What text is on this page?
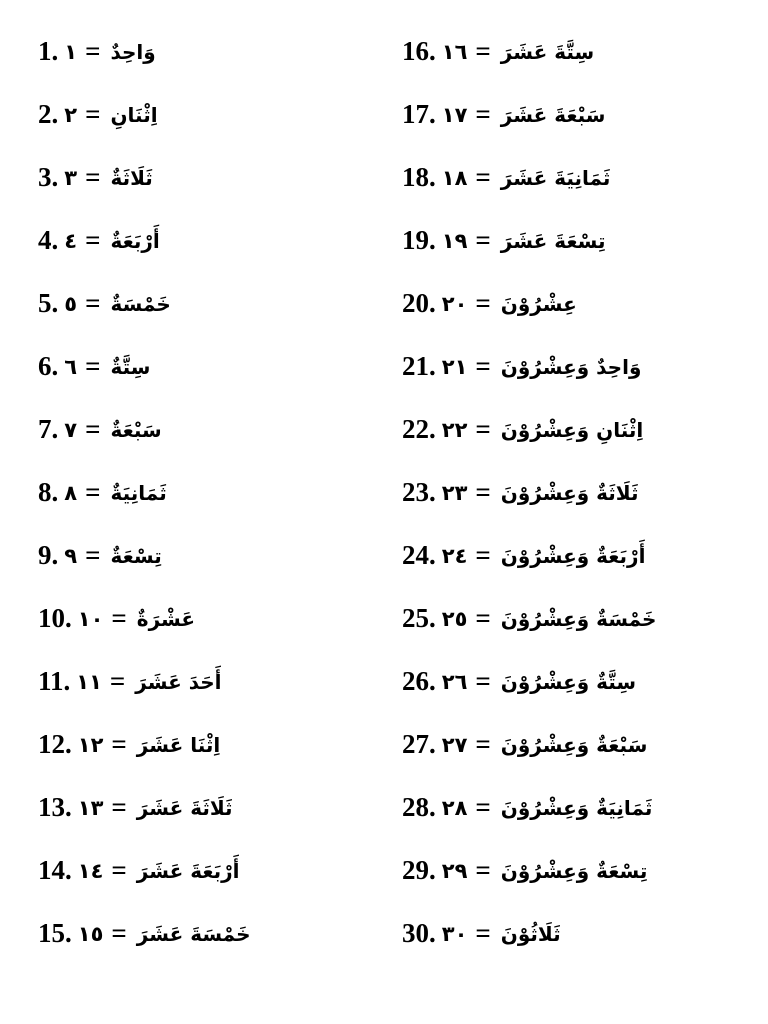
1. ١ = وَاحِدٌ
2. ٢ = اِثْنَانِ
3. ٣ = ثَلَاثَةٌ
4. ٤ = أَرْبَعَةٌ
5. ٥ = خَمْسَةٌ
6. ٦ = سِتَّةٌ
7. ٧ = سَبْعَةٌ
8. ٨ = ثَمَانِيَةٌ
9. ٩ = تِسْعَةٌ
10. ١٠ = عَشْرَةٌ
11. ١١ = أَحَدَ عَشَرَ
12. ١٢ = اِثْنَا عَشَرَ
13. ١٣ = ثَلَاثَةَ عَشَرَ
14. ١٤ = أَرْبَعَةَ عَشَرَ
15. ١٥ = خَمْسَةَ عَشَرَ
16. ١٦ = سِتَّةَ عَشَرَ
17. ١٧ = سَبْعَةَ عَشَرَ
18. ١٨ = ثَمَانِيَةَ عَشَرَ
19. ١٩ = تِسْعَةَ عَشَرَ
20. ٢٠ = عِشْرُوْنَ
21. ٢١ = وَاحِدٌ وَعِشْرُوْنَ
22. ٢٢ = اِثْنَانِ وَعِشْرُوْنَ
23. ٢٣ = ثَلَاثَةٌ وَعِشْرُوْنَ
24. ٢٤ = أَرْبَعَةٌ وَعِشْرُوْنَ
25. ٢٥ = خَمْسَةٌ وَعِشْرُوْنَ
26. ٢٦ = سِتَّةٌ وَعِشْرُوْنَ
27. ٢٧ = سَبْعَةٌ وَعِشْرُوْنَ
28. ٢٨ = ثَمَانِيَةٌ وَعِشْرُوْنَ
29. ٢٩ = تِسْعَةٌ وَعِشْرُوْنَ
30. ٣٠ = ثَلَاثُوْنَ
